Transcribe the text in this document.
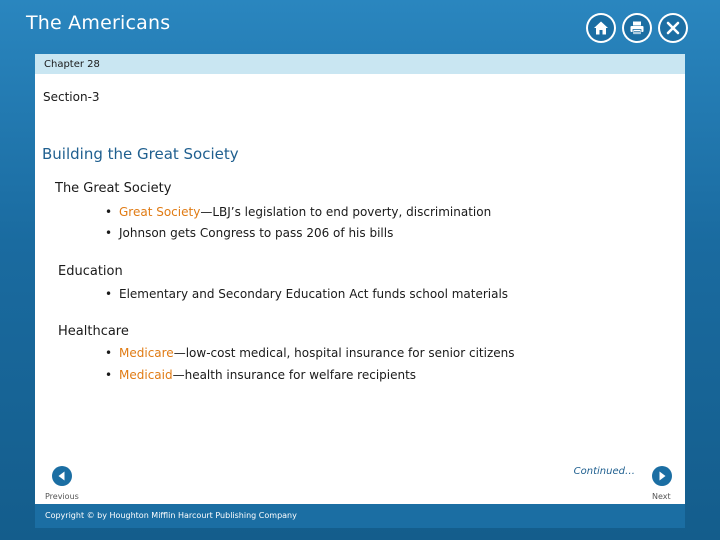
The Americans
Chapter 28
Section-3
Building the Great Society
The Great Society
• Great Society—LBJ’s legislation to end poverty, discrimination
• Johnson gets Congress to pass 206 of his bills
Education
• Elementary and Secondary Education Act funds school materials
Healthcare
• Medicare—low-cost medical, hospital insurance for senior citizens
• Medicaid—health insurance for welfare recipients
Continued…
Previous	Next
Copyright © by Houghton Mifflin Harcourt Publishing Company
